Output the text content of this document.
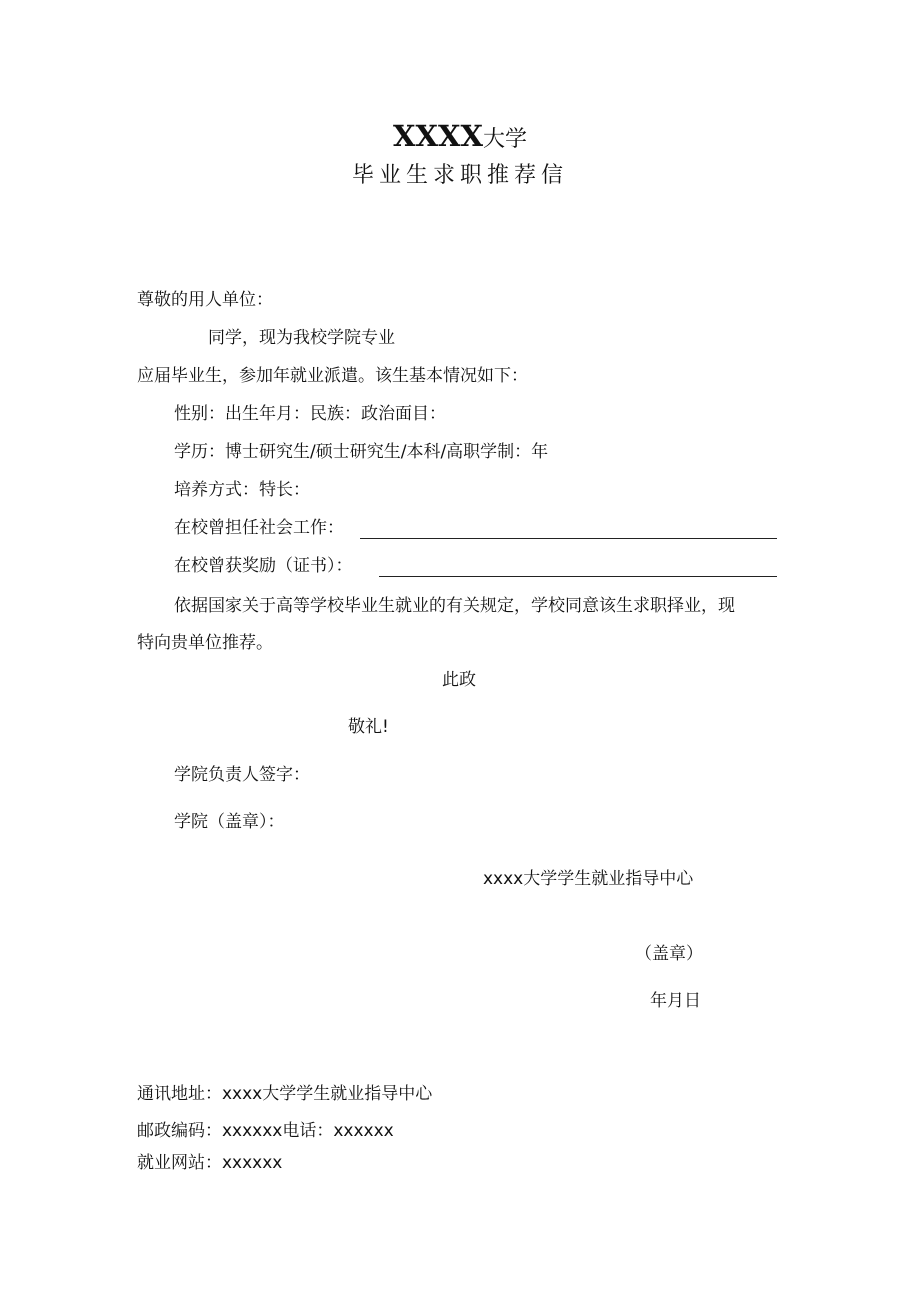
XXXX大学
毕业生求职推荐信
尊敬的用人单位：
同学，现为我校学院专业
应届毕业生，参加年就业派遣。该生基本情况如下：
性别：出生年月：民族：政治面目：
学历：博士研究生/硕士研究生/本科/高职学制：年
培养方式：特长：
在校曾担任社会工作：
在校曾获奖励（证书）：
依据国家关于高等学校毕业生就业的有关规定，学校同意该生求职择业，现
特向贵单位推荐。
此政
敬礼!
学院负责人签字：
学院（盖章）：
xxxx大学学生就业指导中心
（盖章）
年月日
通讯地址：xxxx大学学生就业指导中心
邮政编码：xxxxxx电话：xxxxxx
就业网站：xxxxxx
